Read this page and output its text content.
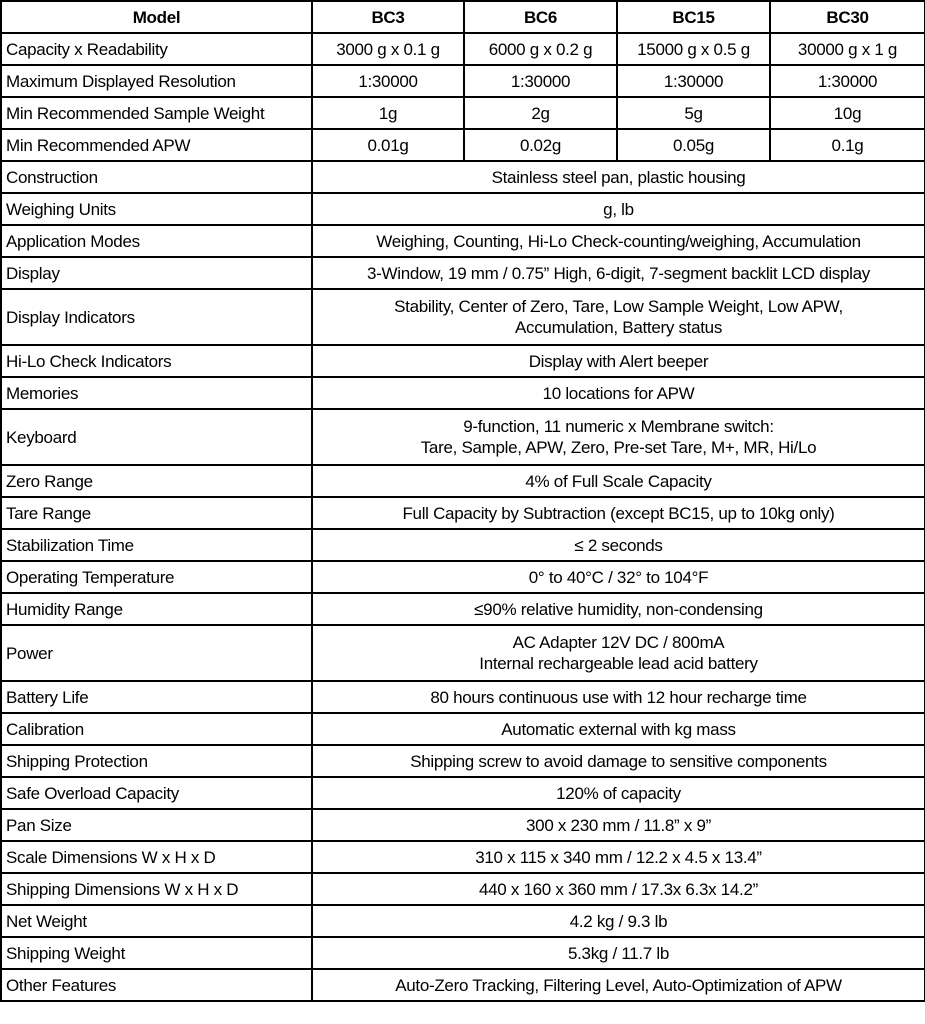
Model	BC3	BC6	BC15	BC30
Capacity x Readability	3000 g x 0.1 g	6000 g x 0.2 g	15000 g x 0.5 g	30000 g x 1 g
Maximum Displayed Resolution	1:30000	1:30000	1:30000	1:30000
Min Recommended Sample Weight	1g	2g	5g	10g
Min Recommended APW	0.01g	0.02g	0.05g	0.1g
Construction	Stainless steel pan, plastic housing			

Weighing Units	g, lb			

Application Modes	Weighing, Counting, Hi-Lo Check-counting/weighing, Accumulation			

Display	3-Window, 19 mm / 0.75” High, 6-digit, 7-segment backlit LCD display			

Display Indicators	Stability, Center of Zero, Tare, Low Sample Weight, Low APW,
Accumulation, Battery status			

Hi-Lo Check Indicators	Display with Alert beeper			

Memories	10 locations for APW			

Keyboard	9-function, 11 numeric x Membrane switch:
Tare, Sample, APW, Zero, Pre-set Tare, M+, MR, Hi/Lo			

Zero Range	4% of Full Scale Capacity			

Tare Range	Full Capacity by Subtraction (except BC15, up to 10kg only)			

Stabilization Time	≤ 2 seconds			

Operating Temperature	0° to 40°C / 32° to 104°F			

Humidity Range	≤90% relative humidity, non-condensing			

Power	AC Adapter 12V DC / 800mA
Internal rechargeable lead acid battery			

Battery Life	80 hours continuous use with 12 hour recharge time			

Calibration	Automatic external with kg mass			

Shipping Protection	Shipping screw to avoid damage to sensitive components			

Safe Overload Capacity	120% of capacity			

Pan Size	300 x 230 mm / 11.8” x 9”			

Scale Dimensions W x H x D	310 x 115 x 340 mm / 12.2 x 4.5 x 13.4”			

Shipping Dimensions W x H x D	440 x 160 x 360 mm / 17.3x 6.3x 14.2”			

Net Weight	4.2 kg / 9.3 lb			

Shipping Weight	5.3kg / 11.7 lb			

Other Features	Auto-Zero Tracking, Filtering Level, Auto-Optimization of APW			
